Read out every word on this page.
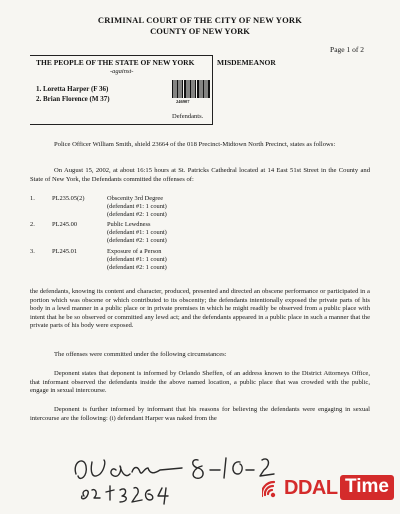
CRIMINAL COURT OF THE CITY OF NEW YORK
COUNTY OF NEW YORK
Page 1 of 2
THE PEOPLE OF THE STATE OF NEW YORK
-against-
1. Loretta Harper (F 36)
2. Brian Florence (M 37)	246907
Defendants.
MISDEMEANOR
Police Officer William Smith, shield 23664 of the 018 Precinct-Midtown North Precinct, states as follows:
On August 15, 2002, at about 16:15 hours at St. Patricks Cathedral located at 14 East 51st Street in the County and State of New York, the Defendants committed the offenses of:
1.	PL235.05(2)	Obscenity 3rd Degree
(defendant #1: 1 count)
(defendant #2: 1 count)
2.	PL245.00	Public Lewdness
(defendant #1: 1 count)
(defendant #2: 1 count)
3.	PL245.01	Exposure of a Person
(defendant #1: 1 count)
(defendant #2: 1 count)
the defendants, knowing its content and character, produced, presented and directed an obscene performance or participated in a portion which was obscene or which contributed to its obscenity; the defendants intentionally exposed the private parts of his body in a lewd manner in a public place or in private premises in which he might readily be observed from a public place with intent that he be so observed or committed any lewd act; and the defendants appeared in a public place in such a manner that the private parts of his body were exposed.
The offenses were committed under the following circumstances:
Deponent states that deponent is informed by Orlando Sheffen, of an address known to the District Attorneys Office, that informant observed the defendants inside the above named location, a public place that was crowded with the public, engage in sexual intercourse.
Deponent is further informed by informant that his reasons for believing the defendants were engaging in sexual intercourse are the following: (i) defendant Harper was naked from the
DDAL Time
